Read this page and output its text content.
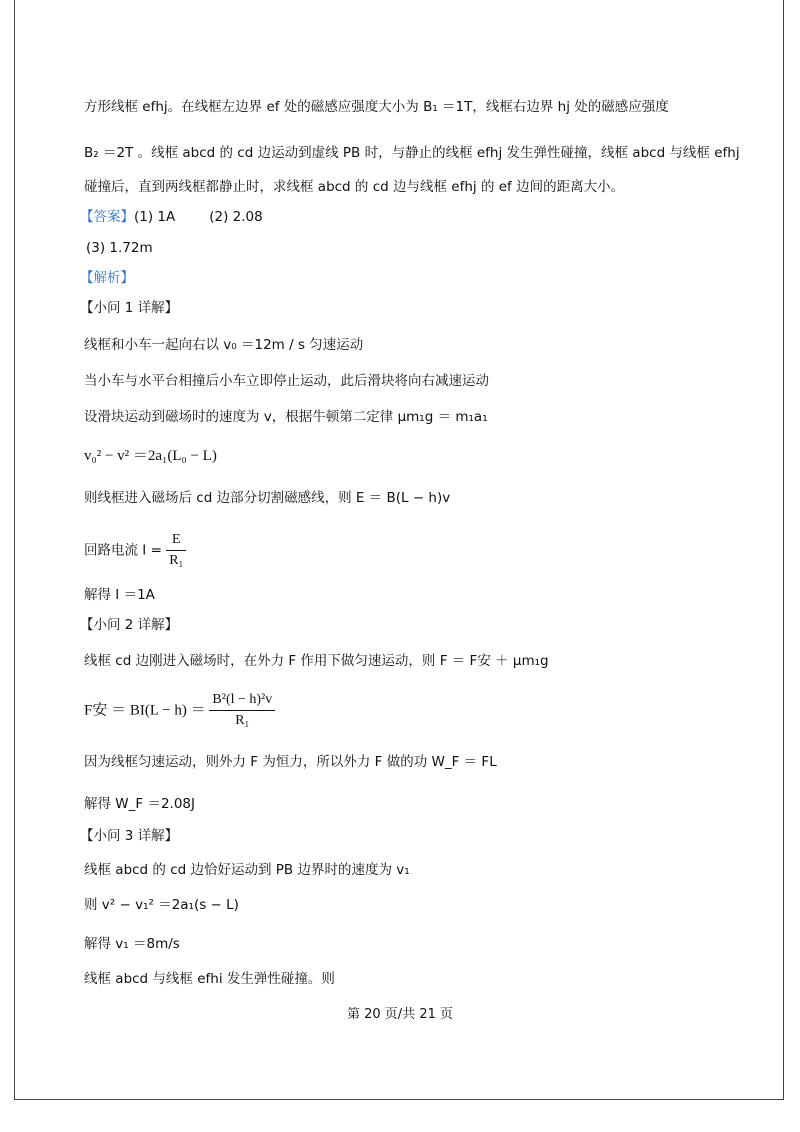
方形线框 efhj。在线框左边界 ef 处的磁感应强度大小为 B₁ ＝1T，线框右边界 hj 处的磁感应强度
B₂ ＝2T 。线框 abcd 的 cd 边运动到虚线 PB 时，与静止的线框 efhj 发生弹性碰撞，线框 abcd 与线框 efhj
碰撞后，直到两线框都静止时，求线框 abcd 的 cd 边与线框 efhj 的 ef 边间的距离大小。
【答案】(1) 1A	(2) 2.08
(3) 1.72m
【解析】
【小问 1 详解】
线框和小车一起向右以 v₀ ＝12m / s 匀速运动
当小车与水平台相撞后小车立即停止运动，此后滑块将向右减速运动
设滑块运动到磁场时的速度为 v，根据牛顿第二定律 μm₁g ＝ m₁a₁
v₀² − v² ＝2a₁(L₀ − L)
则线框进入磁场后 cd 边部分切割磁感线，则 E ＝ B(L − h)v
回路电流 $I = \frac{E}{\text{R₁}}$
解得 I ＝1A
【小问 2 详解】
线框 cd 边刚进入磁场时，在外力 F 作用下做匀速运动，则 F ＝ F安 ＋ μm₁g
F安 ＝ $BI(L - h) = \frac{\text{B²(l − h)²v}}{\text{R₁}}$
因为线框匀速运动，则外力 F 为恒力，所以外力 F 做的功 W_F ＝ FL
解得 W_F ＝2.08J
【小问 3 详解】
线框 abcd 的 cd 边恰好运动到 PB 边界时的速度为 v₁
则 v² − v₁² ＝2a₁(s − L)
解得 v₁ ＝8m/s
线框 abcd 与线框 efhi 发生弹性碰撞。则
第 20 页/共 21 页
